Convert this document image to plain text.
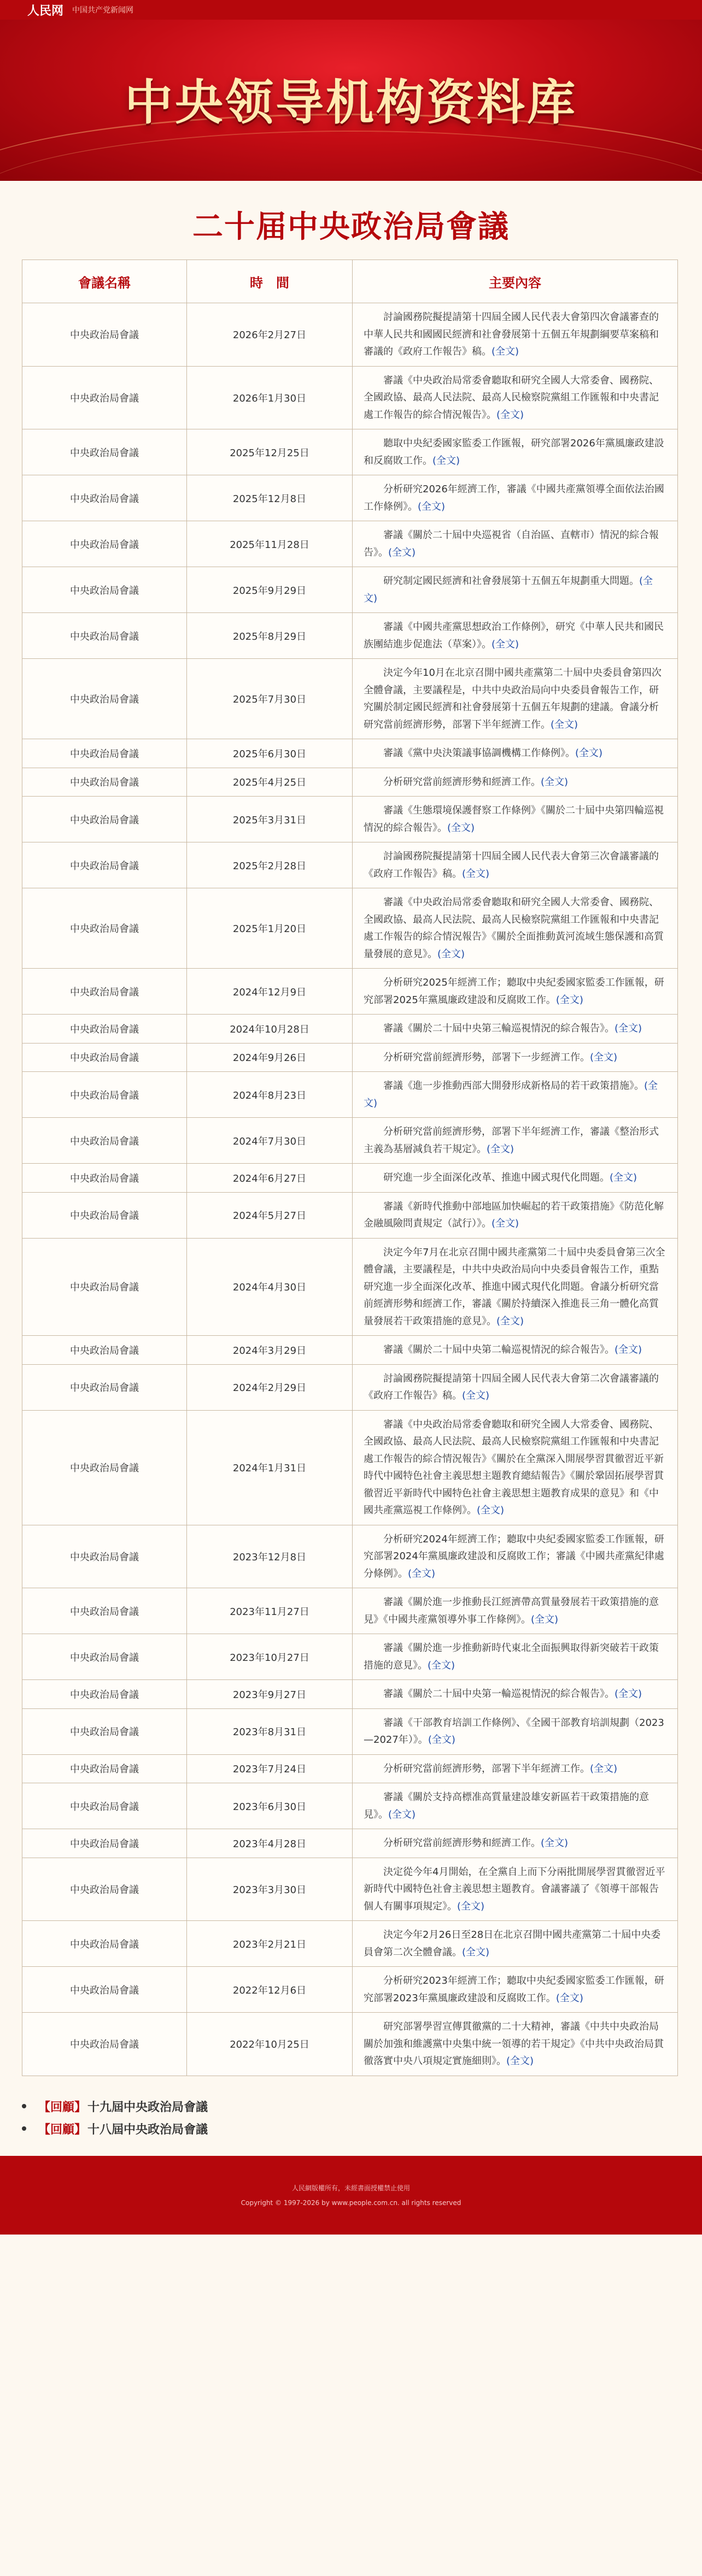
人民网 中国共产党新闻网
中央领导机构资料库
二十届中央政治局會議
會議名稱	時　間	主要內容
中央政治局會議	2026年2月27日	討論國務院擬提請第十四屆全國人民代表大會第四次會議審查的中華人民共和國國民經濟和社會發展第十五個五年規劃綱要草案稿和審議的《政府工作報告》稿。(全文)
中央政治局會議	2026年1月30日	審議《中央政治局常委會聽取和研究全國人大常委會、國務院、全國政協、最高人民法院、最高人民檢察院黨組工作匯報和中央書記處工作報告的綜合情況報告》。(全文)
中央政治局會議	2025年12月25日	聽取中央紀委國家監委工作匯報，研究部署2026年黨風廉政建設和反腐敗工作。(全文)
中央政治局會議	2025年12月8日	分析研究2026年經濟工作，審議《中國共產黨領導全面依法治國工作條例》。(全文)
中央政治局會議	2025年11月28日	審議《關於二十屆中央巡視省（自治區、直轄市）情況的綜合報告》。(全文)
中央政治局會議	2025年9月29日	研究制定國民經濟和社會發展第十五個五年規劃重大問題。(全文)
中央政治局會議	2025年8月29日	審議《中國共產黨思想政治工作條例》，研究《中華人民共和國民族團結進步促進法（草案）》。(全文)
中央政治局會議	2025年7月30日	決定今年10月在北京召開中國共產黨第二十屆中央委員會第四次全體會議，主要議程是，中共中央政治局向中央委員會報告工作，研究關於制定國民經濟和社會發展第十五個五年規劃的建議。會議分析研究當前經濟形勢，部署下半年經濟工作。(全文)
中央政治局會議	2025年6月30日	審議《黨中央決策議事協調機構工作條例》。(全文)
中央政治局會議	2025年4月25日	分析研究當前經濟形勢和經濟工作。(全文)
中央政治局會議	2025年3月31日	審議《生態環境保護督察工作條例》《關於二十屆中央第四輪巡視情況的綜合報告》。(全文)
中央政治局會議	2025年2月28日	討論國務院擬提請第十四屆全國人民代表大會第三次會議審議的《政府工作報告》稿。(全文)
中央政治局會議	2025年1月20日	審議《中央政治局常委會聽取和研究全國人大常委會、國務院、全國政協、最高人民法院、最高人民檢察院黨組工作匯報和中央書記處工作報告的綜合情況報告》《關於全面推動黃河流域生態保護和高質量發展的意見》。(全文)
中央政治局會議	2024年12月9日	分析研究2025年經濟工作；聽取中央紀委國家監委工作匯報，研究部署2025年黨風廉政建設和反腐敗工作。(全文)
中央政治局會議	2024年10月28日	審議《關於二十屆中央第三輪巡視情況的綜合報告》。(全文)
中央政治局會議	2024年9月26日	分析研究當前經濟形勢，部署下一步經濟工作。(全文)
中央政治局會議	2024年8月23日	審議《進一步推動西部大開發形成新格局的若干政策措施》。(全文)
中央政治局會議	2024年7月30日	分析研究當前經濟形勢，部署下半年經濟工作，審議《整治形式主義為基層減負若干規定》。(全文)
中央政治局會議	2024年6月27日	研究進一步全面深化改革、推進中國式現代化問題。(全文)
中央政治局會議	2024年5月27日	審議《新時代推動中部地區加快崛起的若干政策措施》《防范化解金融風險問責規定（試行）》。(全文)
中央政治局會議	2024年4月30日	決定今年7月在北京召開中國共產黨第二十屆中央委員會第三次全體會議，主要議程是，中共中央政治局向中央委員會報告工作，重點研究進一步全面深化改革、推進中國式現代化問題。會議分析研究當前經濟形勢和經濟工作，審議《關於持續深入推進長三角一體化高質量發展若干政策措施的意見》。(全文)
中央政治局會議	2024年3月29日	審議《關於二十屆中央第二輪巡視情況的綜合報告》。(全文)
中央政治局會議	2024年2月29日	討論國務院擬提請第十四屆全國人民代表大會第二次會議審議的《政府工作報告》稿。(全文)
中央政治局會議	2024年1月31日	審議《中央政治局常委會聽取和研究全國人大常委會、國務院、全國政協、最高人民法院、最高人民檢察院黨組工作匯報和中央書記處工作報告的綜合情況報告》《關於在全黨深入開展學習貫徹習近平新時代中國特色社會主義思想主題教育總結報告》《關於鞏固拓展學習貫徹習近平新時代中國特色社會主義思想主題教育成果的意見》和《中國共產黨巡視工作條例》。(全文)
中央政治局會議	2023年12月8日	分析研究2024年經濟工作；聽取中央紀委國家監委工作匯報，研究部署2024年黨風廉政建設和反腐敗工作；審議《中國共產黨紀律處分條例》。(全文)
中央政治局會議	2023年11月27日	審議《關於進一步推動長江經濟帶高質量發展若干政策措施的意見》《中國共產黨領導外事工作條例》。(全文)
中央政治局會議	2023年10月27日	審議《關於進一步推動新時代東北全面振興取得新突破若干政策措施的意見》。(全文)
中央政治局會議	2023年9月27日	審議《關於二十屆中央第一輪巡視情況的綜合報告》。(全文)
中央政治局會議	2023年8月31日	審議《干部教育培訓工作條例》、《全國干部教育培訓規劃（2023—2027年）》。(全文)
中央政治局會議	2023年7月24日	分析研究當前經濟形勢，部署下半年經濟工作。(全文)
中央政治局會議	2023年6月30日	審議《關於支持高標准高質量建設雄安新區若干政策措施的意見》。(全文)
中央政治局會議	2023年4月28日	分析研究當前經濟形勢和經濟工作。(全文)
中央政治局會議	2023年3月30日	決定從今年4月開始，在全黨自上而下分兩批開展學習貫徹習近平新時代中國特色社會主義思想主題教育。會議審議了《領導干部報告個人有關事項規定》。(全文)
中央政治局會議	2023年2月21日	決定今年2月26日至28日在北京召開中國共產黨第二十屆中央委員會第二次全體會議。(全文)
中央政治局會議	2022年12月6日	分析研究2023年經濟工作；聽取中央紀委國家監委工作匯報，研究部署2023年黨風廉政建設和反腐敗工作。(全文)
中央政治局會議	2022年10月25日	研究部署學習宣傳貫徹黨的二十大精神，審議《中共中央政治局關於加強和維護黨中央集中統一領導的若干規定》《中共中央政治局貫徹落實中央八項規定實施細則》。(全文)
【回顧】 十九屆中央政治局會議
【回顧】 十八屆中央政治局會議
人民網版權所有，未經書面授權禁止使用
Copyright © 1997-2026 by www.people.com.cn. all rights reserved
